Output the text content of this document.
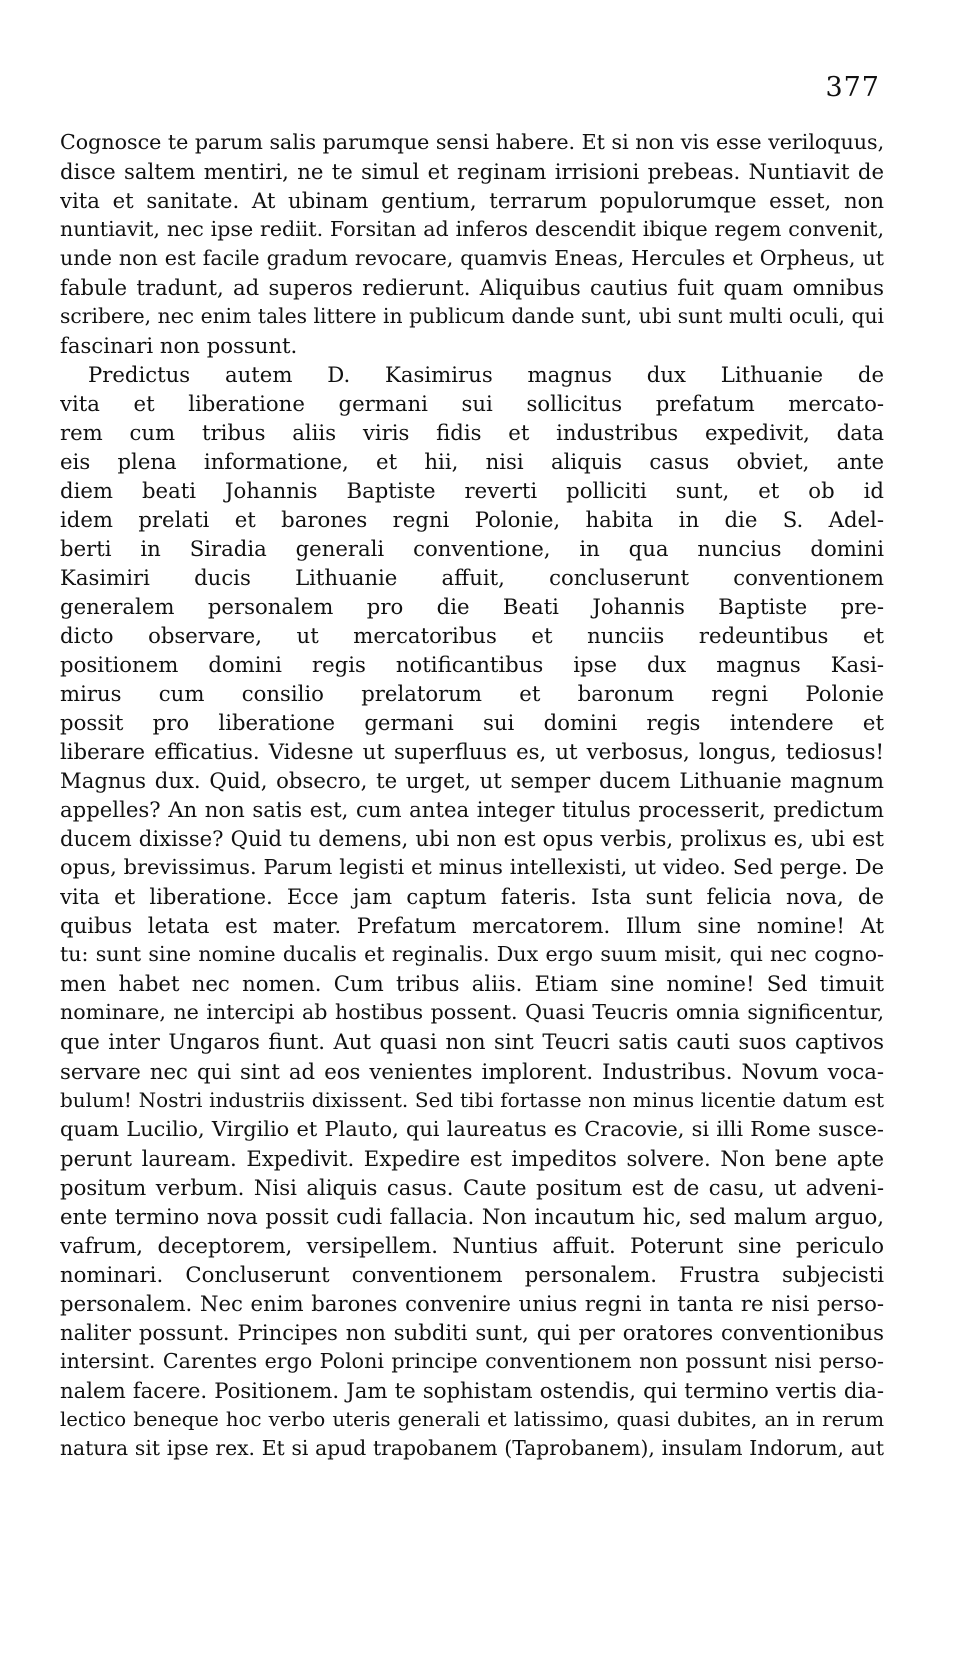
377
Cognosce te parum salis parumque sensi habere. Et si non vis esse veriloquus,
disce saltem mentiri, ne te simul et reginam irrisioni prebeas. Nuntiavit de
vita et sanitate. At ubinam gentium, terrarum populorumque esset, non
nuntiavit, nec ipse rediit. Forsitan ad inferos descendit ibique regem convenit,
unde non est facile gradum revocare, quamvis Eneas, Hercules et Orpheus, ut
fabule tradunt, ad superos redierunt. Aliquibus cautius fuit quam omnibus
scribere, nec enim tales littere in publicum dande sunt, ubi sunt multi oculi, qui
fascinari non possunt.
Predictus autem D. Kasimirus magnus dux Lithuanie de
vita et liberatione germani sui sollicitus prefatum mercato-
rem cum tribus aliis viris fidis et industribus expedivit, data
eis plena informatione, et hii, nisi aliquis casus obviet, ante
diem beati Johannis Baptiste reverti polliciti sunt, et ob id
idem prelati et barones regni Polonie, habita in die S. Adel-
berti in Siradia generali conventione, in qua nuncius domini
Kasimiri ducis Lithuanie affuit, concluserunt conventionem
generalem personalem pro die Beati Johannis Baptiste pre-
dicto observare, ut mercatoribus et nunciis redeuntibus et
positionem domini regis notificantibus ipse dux magnus Kasi-
mirus cum consilio prelatorum et baronum regni Polonie
possit pro liberatione germani sui domini regis intendere et
liberare efficatius. Videsne ut superfluus es, ut verbosus, longus, tediosus!
Magnus dux. Quid, obsecro, te urget, ut semper ducem Lithuanie magnum
appelles? An non satis est, cum antea integer titulus processerit, predictum
ducem dixisse? Quid tu demens, ubi non est opus verbis, prolixus es, ubi est
opus, brevissimus. Parum legisti et minus intellexisti, ut video. Sed perge. De
vita et liberatione. Ecce jam captum fateris. Ista sunt felicia nova, de
quibus letata est mater. Prefatum mercatorem. Illum sine nomine! At
tu: sunt sine nomine ducalis et reginalis. Dux ergo suum misit, qui nec cogno-
men habet nec nomen. Cum tribus aliis. Etiam sine nomine! Sed timuit
nominare, ne intercipi ab hostibus possent. Quasi Teucris omnia significentur,
que inter Ungaros fiunt. Aut quasi non sint Teucri satis cauti suos captivos
servare nec qui sint ad eos venientes implorent. Industribus. Novum voca-
bulum! Nostri industriis dixissent. Sed tibi fortasse non minus licentie datum est
quam Lucilio, Virgilio et Plauto, qui laureatus es Cracovie, si illi Rome susce-
perunt lauream. Expedivit. Expedire est impeditos solvere. Non bene apte
positum verbum. Nisi aliquis casus. Caute positum est de casu, ut adveni-
ente termino nova possit cudi fallacia. Non incautum hic, sed malum arguo,
vafrum, deceptorem, versipellem. Nuntius affuit. Poterunt sine periculo
nominari. Concluserunt conventionem personalem. Frustra subjecisti
personalem. Nec enim barones convenire unius regni in tanta re nisi perso-
naliter possunt. Principes non subditi sunt, qui per oratores conventionibus
intersint. Carentes ergo Poloni principe conventionem non possunt nisi perso-
nalem facere. Positionem. Jam te sophistam ostendis, qui termino vertis dia-
lectico beneque hoc verbo uteris generali et latissimo, quasi dubites, an in rerum
natura sit ipse rex. Et si apud trapobanem (Taprobanem), insulam Indorum, aut
